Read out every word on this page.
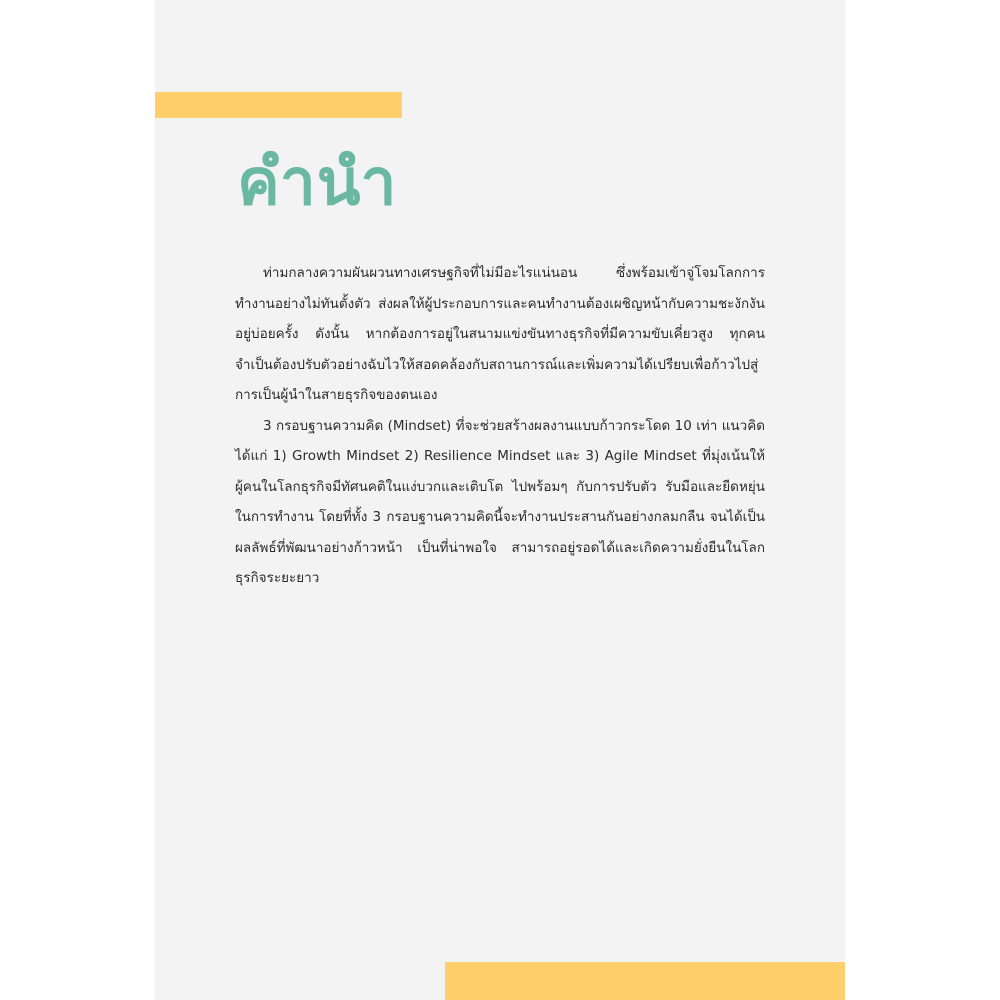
คำนำ

ท่ามกลางความผันผวนทางเศรษฐกิจที่ไม่มีอะไรแน่นอน ซึ่งพร้อมเข้าจู่โจมโลกการทำงานอย่างไม่ทันตั้งตัว ส่งผลให้ผู้ประกอบการและคนทำงานต้องเผชิญหน้ากับความชะงักงันอยู่บ่อยครั้ง ดังนั้น หากต้องการอยู่ในสนามแข่งขันทางธุรกิจที่มีความขับเคี่ยวสูง ทุกคนจำเป็นต้องปรับตัวอย่างฉับไวให้สอดคล้องกับสถานการณ์และเพิ่มความได้เปรียบเพื่อก้าวไปสู่การเป็นผู้นำในสายธุรกิจของตนเอง

3 กรอบฐานความคิด (Mindset) ที่จะช่วยสร้างผลงานแบบก้าวกระโดด 10 เท่า แนวคิด ได้แก่ 1) Growth Mindset 2) Resilience Mindset และ 3) Agile Mindset ที่มุ่งเน้นให้ผู้คนในโลกธุรกิจมีทัศนคติในแง่บวกและเติบโต ไปพร้อมๆ กับการปรับตัว รับมือและยืดหยุ่นในการทำงาน โดยที่ทั้ง 3 กรอบฐานความคิดนี้จะทำงานประสานกันอย่างกลมกลืน จนได้เป็นผลลัพธ์ที่พัฒนาอย่างก้าวหน้า เป็นที่น่าพอใจ สามารถอยู่รอดได้และเกิดความยั่งยืนในโลกธุรกิจระยะยาว
